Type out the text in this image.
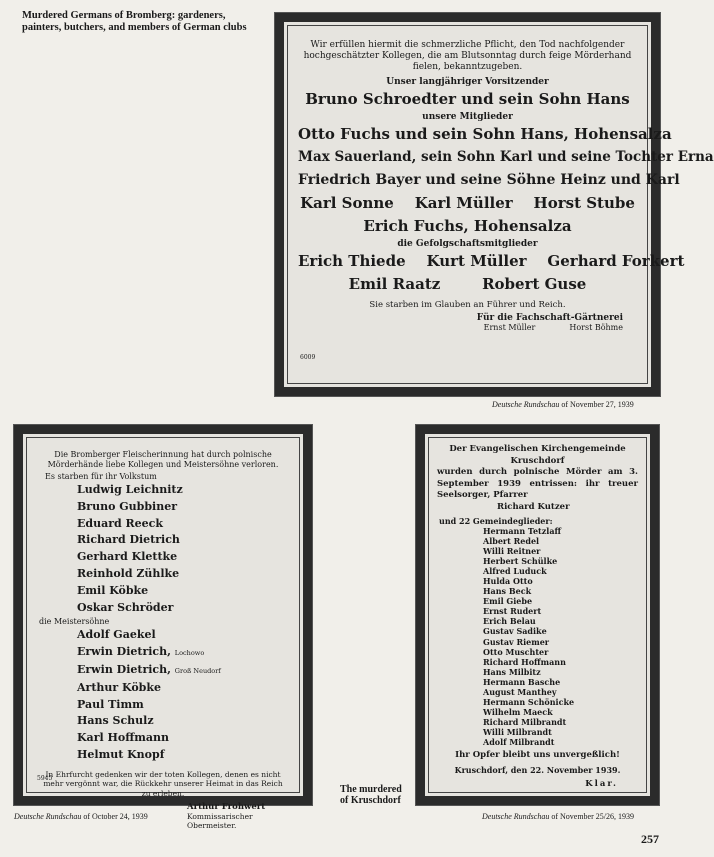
Murdered Germans of Bromberg: gardeners, painters, butchers, and members of German clubs
Wir erfüllen hiermit die schmerzliche Pflicht, den Tod nachfolgender hochgeschätzter Kollegen, die am Blutsonntag durch feige Mörderhand fielen, bekanntzugeben.
Unser langjähriger Vorsitzender
Bruno Schroedter und sein Sohn Hans
unsere Mitglieder
Otto Fuchs und sein Sohn Hans, Hohensalza
Max Sauerland, sein Sohn Karl und seine Tochter Erna
Friedrich Bayer und seine Söhne Heinz und Karl
Karl Sonne    Karl Müller    Horst Stube
Erich Fuchs, Hohensalza
die Gefolgschaftsmitglieder
Erich Thiede    Kurt Müller    Gerhard Forkert
Emil Raatz        Robert Guse
Sie starben im Glauben an Führer und Reich.
Für die Fachschaft-Gärtnerei
Ernst Müller	Horst Böhme
6009
Deutsche Rundschau of November 27, 1939
Die Bromberger Fleischerinnung hat durch polnische Mörderhände liebe Kollegen und Meistersöhne verloren.
Es starben für ihr Volkstum
Ludwig Leichnitz
Bruno Gubbiner
Eduard Reeck
Richard Dietrich
Gerhard Klettke
Reinhold Zühlke
Emil Köbke
Oskar Schröder
die Meistersöhne
Adolf Gaekel
Erwin Dietrich, Lochowo
Erwin Dietrich, Groß Neudorf
Arthur Köbke
Paul Timm
Hans Schulz
Karl Hoffmann
Helmut Knopf
In Ehrfurcht gedenken wir der toten Kollegen, denen es nicht mehr vergönnt war, die Rückkehr unserer Heimat in das Reich zu erleben.
Arthur Frohwert
Kommissarischer Obermeister.
5945
Deutsche Rundschau of October 24, 1939
The murdered of Kruschdorf
Der Evangelischen Kirchengemeinde Kruschdorf
wurden durch polnische Mörder am 3. September 1939 entrissen: ihr treuer Seelsorger, Pfarrer
Richard Kutzer
und 22 Gemeindeglieder:
Hermann Tetzlaff
Albert Redel
Willi Reitner
Herbert Schülke
Alfred Luduck
Hulda Otto
Hans Beck
Emil Giebe
Ernst Rudert
Erich Belau
Gustav Sadike
Gustav Riemer
Otto Muschter
Richard Hoffmann
Hans Milbitz
Hermann Basche
August Manthey
Hermann Schönicke
Wilhelm Maeck
Richard Milbrandt
Willi Milbrandt
Adolf Milbrandt
Ihr Opfer bleibt uns unvergeßlich!
Kruschdorf, den 22. November 1939.
Klar.
Deutsche Rundschau of November 25/26, 1939
257
